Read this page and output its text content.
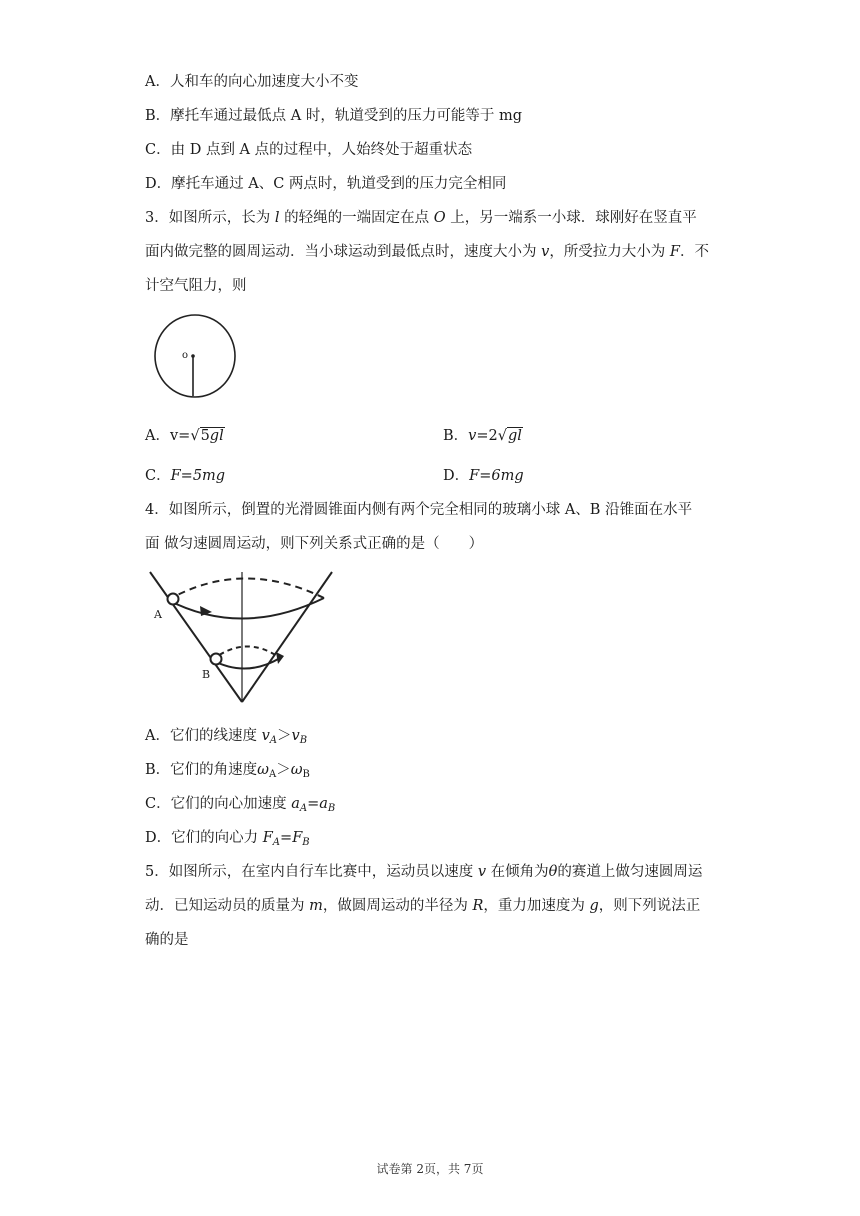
A．人和车的向心加速度大小不变
B．摩托车通过最低点 A 时，轨道受到的压力可能等于 mg
C．由 D 点到 A 点的过程中，人始终处于超重状态
D．摩托车通过 A、C 两点时，轨道受到的压力完全相同
3．如图所示，长为 l 的轻绳的一端固定在点 O 上，另一端系一小球．球刚好在竖直平
面内做完整的圆周运动．当小球运动到最低点时，速度大小为 v，所受拉力大小为 F．不
计空气阻力，则
o
A．v=√5gl	B．v=2√gl
C．F=5mg	D．F=6mg
4．如图所示，倒置的光滑圆锥面内侧有两个完全相同的玻璃小球 A、B 沿锥面在水平
面 做匀速圆周运动，则下列关系式正确的是（　　）
A
B
A．它们的线速度 $v_A>v_B$
B．它们的角速度$\omega_A>\omega_B$
C．它们的向心加速度 $a_A=a_B$
D．它们的向心力 $F_A=F_B$
5．如图所示，在室内自行车比赛中，运动员以速度 v 在倾角为θ的赛道上做匀速圆周运
动．已知运动员的质量为 m，做圆周运动的半径为 R，重力加速度为 g，则下列说法正
确的是
试卷第 2页，共 7页
